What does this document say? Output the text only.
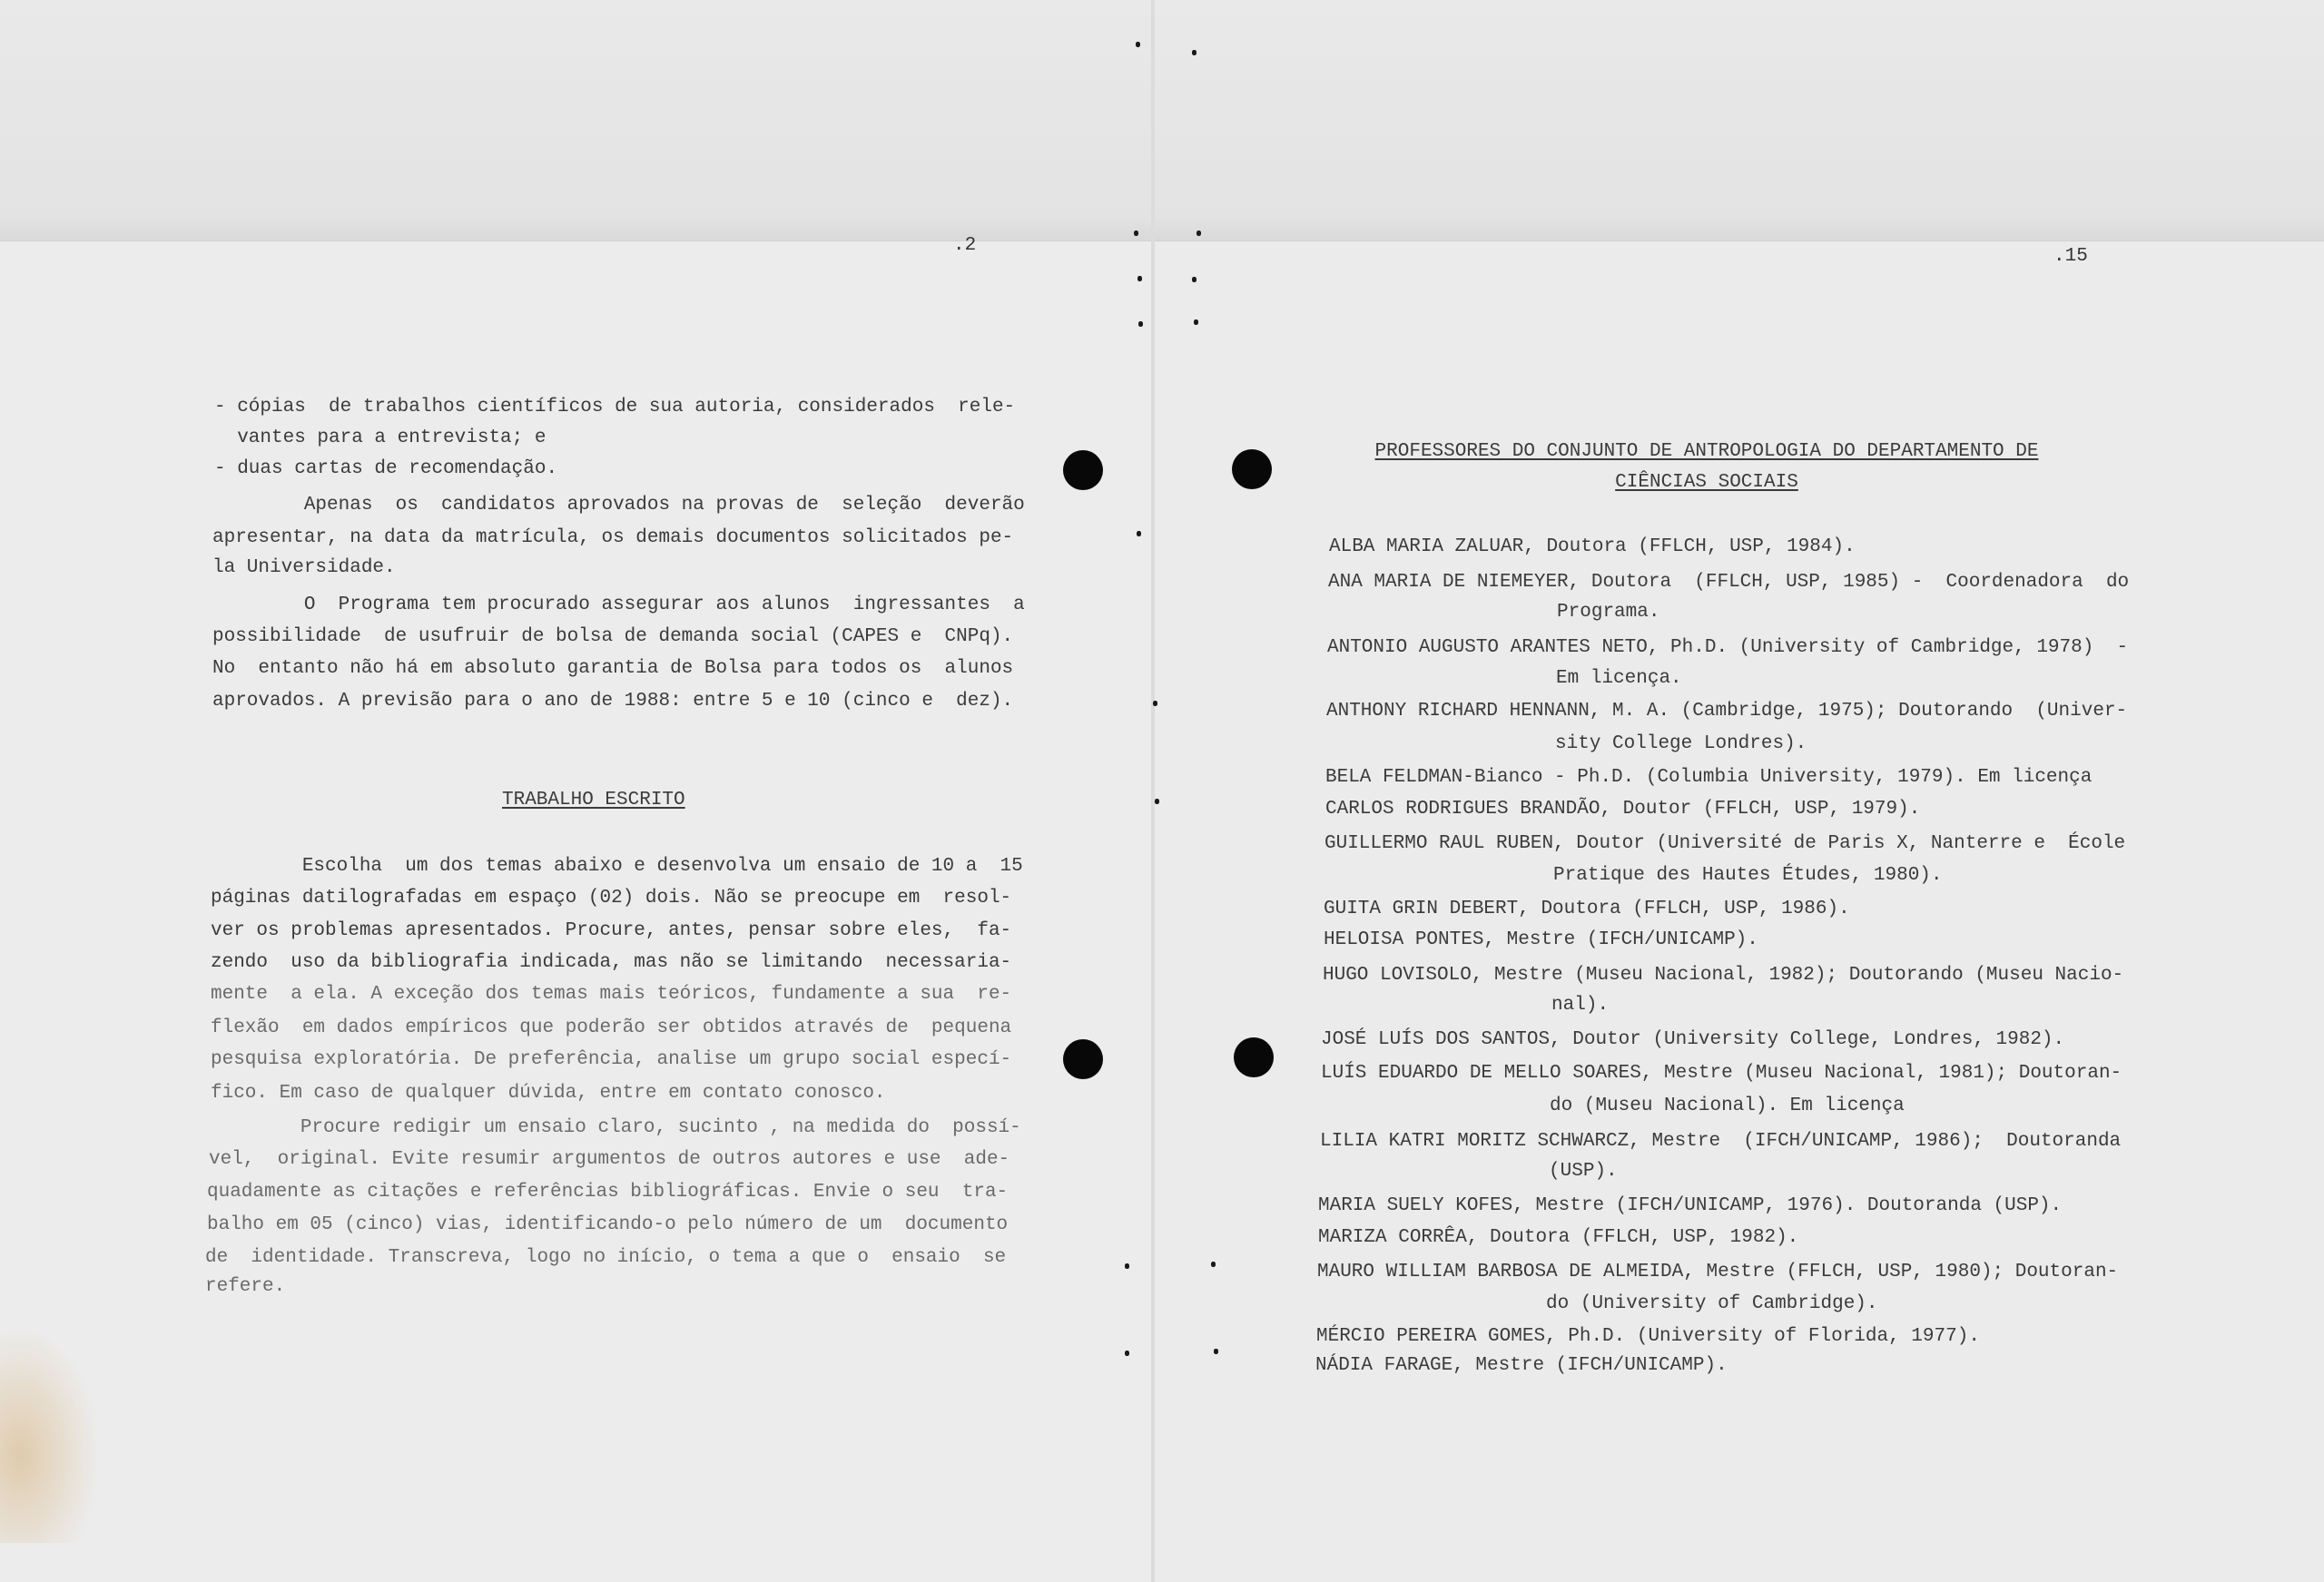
.2
- cópias  de trabalhos científicos de sua autoria, considerados  rele-
vantes para a entrevista; e
- duas cartas de recomendação.
Apenas  os  candidatos aprovados na provas de  seleção  deverão
apresentar, na data da matrícula, os demais documentos solicitados pe-
la Universidade.
O  Programa tem procurado assegurar aos alunos  ingressantes  a
possibilidade  de usufruir de bolsa de demanda social (CAPES e  CNPq).
No  entanto não há em absoluto garantia de Bolsa para todos os  alunos
aprovados. A previsão para o ano de 1988: entre 5 e 10 (cinco e  dez).
TRABALHO ESCRITO
Escolha  um dos temas abaixo e desenvolva um ensaio de 10 a  15
páginas datilografadas em espaço (02) dois. Não se preocupe em  resol-
ver os problemas apresentados. Procure, antes, pensar sobre eles,  fa-
zendo  uso da bibliografia indicada, mas não se limitando  necessaria-
mente  a ela. A exceção dos temas mais teóricos, fundamente a sua  re-
flexão  em dados empíricos que poderão ser obtidos através de  pequena
pesquisa exploratória. De preferência, analise um grupo social especí-
fico. Em caso de qualquer dúvida, entre em contato conosco.
Procure redigir um ensaio claro, sucinto , na medida do  possí-
vel,  original. Evite resumir argumentos de outros autores e use  ade-
quadamente as citações e referências bibliográficas. Envie o seu  tra-
balho em 05 (cinco) vias, identificando-o pelo número de um  documento
de  identidade. Transcreva, logo no início, o tema a que o  ensaio  se
refere.
.15
PROFESSORES DO CONJUNTO DE ANTROPOLOGIA DO DEPARTAMENTO DE
CIÊNCIAS SOCIAIS
ALBA MARIA ZALUAR, Doutora (FFLCH, USP, 1984).
ANA MARIA DE NIEMEYER, Doutora  (FFLCH, USP, 1985) -  Coordenadora  do
Programa.
ANTONIO AUGUSTO ARANTES NETO, Ph.D. (University of Cambridge, 1978)  -
Em licença.
ANTHONY RICHARD HENNANN, M. A. (Cambridge, 1975); Doutorando  (Univer-
sity College Londres).
BELA FELDMAN-Bianco - Ph.D. (Columbia University, 1979). Em licença
CARLOS RODRIGUES BRANDÃO, Doutor (FFLCH, USP, 1979).
GUILLERMO RAUL RUBEN, Doutor (Université de Paris X, Nanterre e  École
Pratique des Hautes Études, 1980).
GUITA GRIN DEBERT, Doutora (FFLCH, USP, 1986).
HELOISA PONTES, Mestre (IFCH/UNICAMP).
HUGO LOVISOLO, Mestre (Museu Nacional, 1982); Doutorando (Museu Nacio-
nal).
JOSÉ LUÍS DOS SANTOS, Doutor (University College, Londres, 1982).
LUÍS EDUARDO DE MELLO SOARES, Mestre (Museu Nacional, 1981); Doutoran-
do (Museu Nacional). Em licença
LILIA KATRI MORITZ SCHWARCZ, Mestre  (IFCH/UNICAMP, 1986);  Doutoranda
(USP).
MARIA SUELY KOFES, Mestre (IFCH/UNICAMP, 1976). Doutoranda (USP).
MARIZA CORRÊA, Doutora (FFLCH, USP, 1982).
MAURO WILLIAM BARBOSA DE ALMEIDA, Mestre (FFLCH, USP, 1980); Doutoran-
do (University of Cambridge).
MÉRCIO PEREIRA GOMES, Ph.D. (University of Florida, 1977).
NÁDIA FARAGE, Mestre (IFCH/UNICAMP).
